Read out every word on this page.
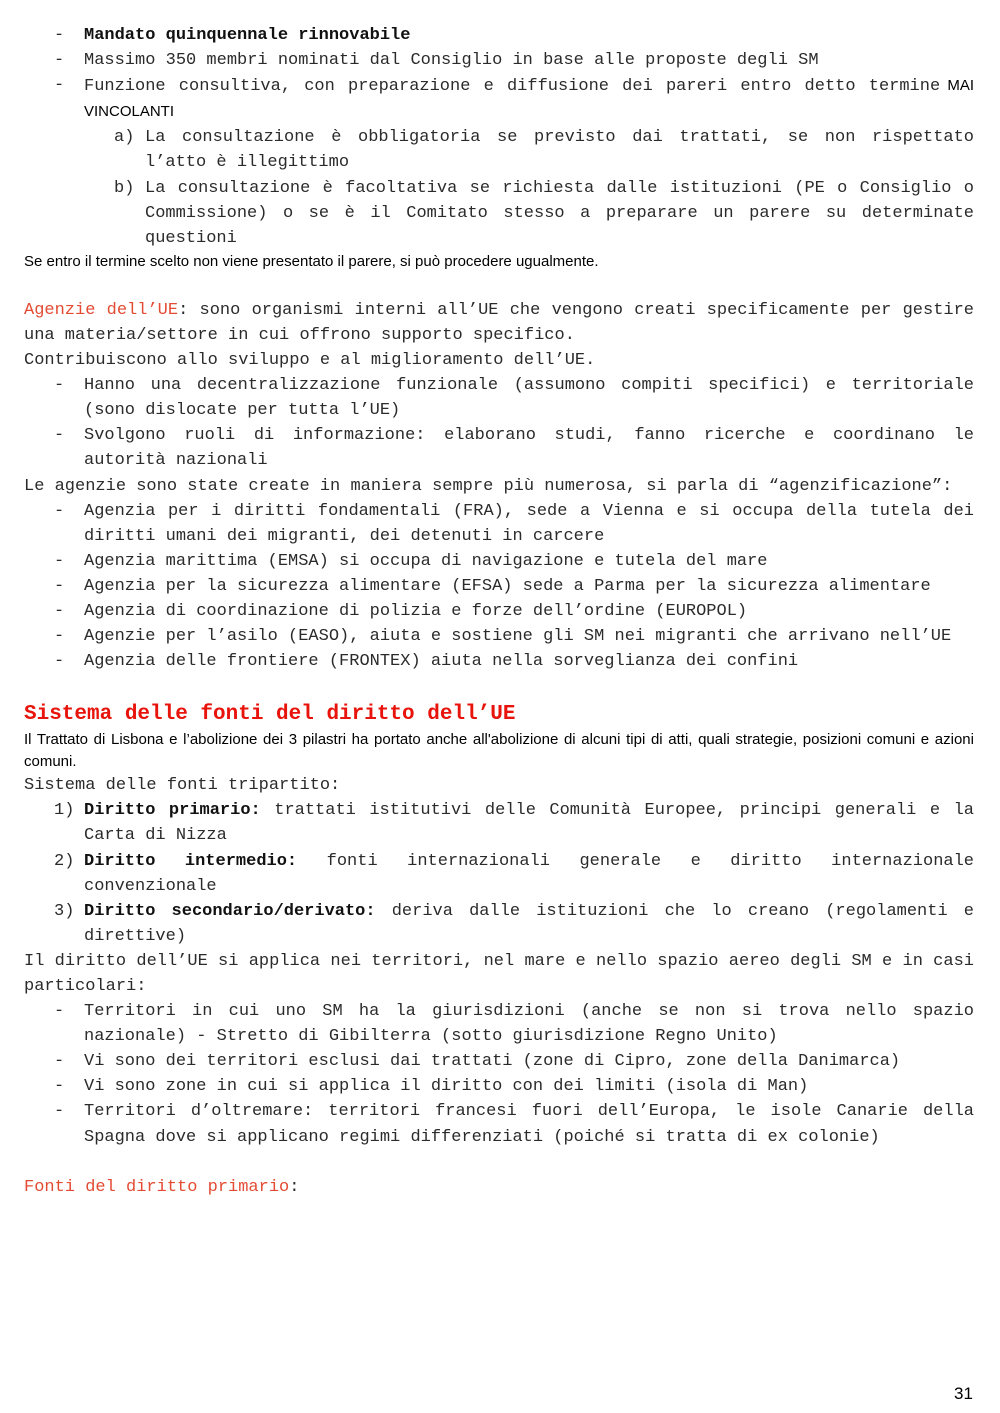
- Mandato quinquennale rinnovabile
- Massimo 350 membri nominati dal Consiglio in base alle proposte degli SM
- Funzione consultiva, con preparazione e diffusione dei pareri entro detto termine MAI VINCOLANTI
a) La consultazione è obbligatoria se previsto dai trattati, se non rispettato l’atto è illegittimo
b) La consultazione è facoltativa se richiesta dalle istituzioni (PE o Consiglio o Commissione) o se è il Comitato stesso a preparare un parere su determinate questioni
Se entro il termine scelto non viene presentato il parere, si può procedere ugualmente.
Agenzie dell’UE: sono organismi interni all’UE che vengono creati specificamente per gestire una materia/settore in cui offrono supporto specifico.
Contribuiscono allo sviluppo e al miglioramento dell’UE.
- Hanno una decentralizzazione funzionale (assumono compiti specifici) e territoriale (sono dislocate per tutta l’UE)
- Svolgono ruoli di informazione: elaborano studi, fanno ricerche e coordinano le autorità nazionali
Le agenzie sono state create in maniera sempre più numerosa, si parla di “agenzificazione”:
- Agenzia per i diritti fondamentali (FRA), sede a Vienna e si occupa della tutela dei diritti umani dei migranti, dei detenuti in carcere
- Agenzia marittima (EMSA) si occupa di navigazione e tutela del mare
- Agenzia per la sicurezza alimentare (EFSA) sede a Parma per la sicurezza alimentare
- Agenzia di coordinazione di polizia e forze dell’ordine (EUROPOL)
- Agenzie per l’asilo (EASO), aiuta e sostiene gli SM nei migranti che arrivano nell’UE
- Agenzia delle frontiere (FRONTEX) aiuta nella sorveglianza dei confini
Sistema delle fonti del diritto dell’UE
Il Trattato di Lisbona e l’abolizione dei 3 pilastri ha portato anche all'abolizione di alcuni tipi di atti, quali strategie, posizioni comuni e azioni comuni.
Sistema delle fonti tripartito:
1) Diritto primario: trattati istitutivi delle Comunità Europee, principi generali e la Carta di Nizza
2) Diritto intermedio: fonti internazionali generale e diritto internazionale convenzionale
3) Diritto secondario/derivato: deriva dalle istituzioni che lo creano (regolamenti e direttive)
Il diritto dell’UE si applica nei territori, nel mare e nello spazio aereo degli SM e in casi particolari:
- Territori in cui uno SM ha la giurisdizioni (anche se non si trova nello spazio nazionale) - Stretto di Gibilterra (sotto giurisdizione Regno Unito)
- Vi sono dei territori esclusi dai trattati (zone di Cipro, zone della Danimarca)
- Vi sono zone in cui si applica il diritto con dei limiti (isola di Man)
- Territori d’oltremare: territori francesi fuori dell’Europa, le isole Canarie della Spagna dove si applicano regimi differenziati (poiché si tratta di ex colonie)
Fonti del diritto primario:
31
